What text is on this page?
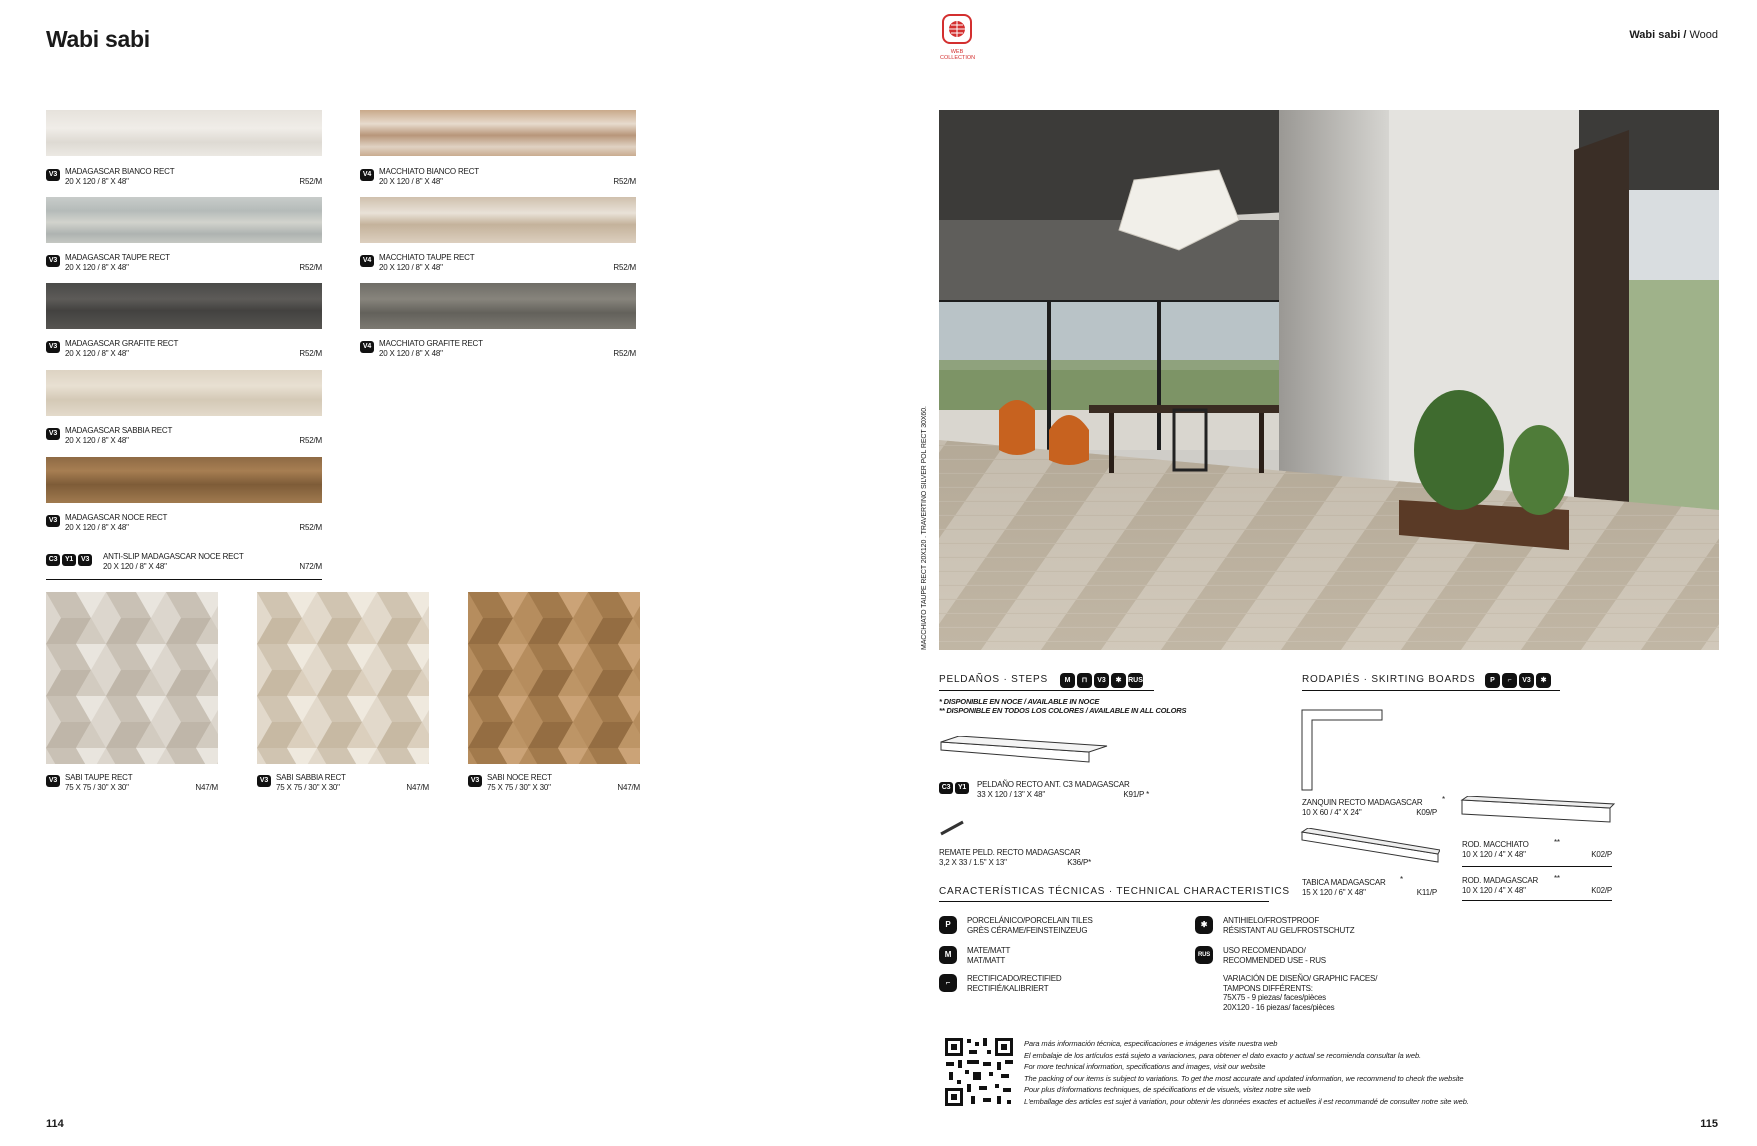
Wabi sabi
114
V3 MADAGASCAR BIANCO RECT
20 X 120 / 8" X 48"	R52/M
V3 MADAGASCAR TAUPE RECT
20 X 120 / 8" X 48"	R52/M
V3 MADAGASCAR GRAFITE RECT
20 X 120 / 8" X 48"	R52/M
V3 MADAGASCAR SABBIA RECT
20 X 120 / 8" X 48"	R52/M
V3 MADAGASCAR NOCE RECT
20 X 120 / 8" X 48"	R52/M
V4 MACCHIATO BIANCO RECT
20 X 120 / 8" X 48"	R52/M
V4 MACCHIATO TAUPE RECT
20 X 120 / 8" X 48"	R52/M
V4 MACCHIATO GRAFITE RECT
20 X 120 / 8" X 48"	R52/M
C3 Y1 V3 ANTI-SLIP MADAGASCAR NOCE RECT
20 X 120 / 8" X 48"	N72/M
V3 SABI TAUPE RECT
75 X 75 / 30" X 30"	N47/M
V3 SABI SABBIA RECT
75 X 75 / 30" X 30"	N47/M
V3 SABI NOCE RECT
75 X 75 / 30" X 30"	N47/M
WEB COLLECTION
Wabi sabi / Wood
MACCHIATO TAUPE RECT 20X120 . TRAVERTINO SILVER POL RECT 30X60.
PELDAÑOS · STEPS	M ⊓ V3 ✱ RUS
* DISPONIBLE EN NOCE / AVAILABLE IN NOCE
** DISPONIBLE EN TODOS LOS COLORES / AVAILABLE IN ALL COLORS
C3 Y1 PELDAÑO RECTO ANT. C3 MADAGASCAR
33 X 120 / 13" X 48"	K91/P *
REMATE PELD. RECTO MADAGASCAR
3,2 X 33 / 1.5" X 13"	K36/P*
RODAPIÉS · SKIRTING BOARDS	P ⌐ V3 ✱
ZANQUIN RECTO MADAGASCAR *

10 X 60 / 4" X 24"	K09/P
TABICA MADAGASCAR *

15 X 120 / 6" X 48"	K11/P
ROD. MACCHIATO	**

10 X 120 / 4" X 48"	K02/P
ROD. MADAGASCAR **

10 X 120 / 4" X 48"	K02/P
CARACTERÍSTICAS TÉCNICAS · TECHNICAL CHARACTERISTICS
P	PORCELÁNICO/PORCELAIN TILES
GRÈS CÉRAME/FEINSTEINZEUG
M	MATE/MATT
MAT/MATT
⌐	RECTIFICADO/RECTIFIED
RECTIFIÉ/KALIBRIERT
✱	ANTIHIELO/FROSTPROOF
RÉSISTANT AU GEL/FROSTSCHUTZ
RUS	USO RECOMENDADO/
RECOMMENDED USE - RUS
VARIACIÓN DE DISEÑO/ GRAPHIC FACES/
TAMPONS DIFFÉRENTS:
75X75 - 9 piezas/ faces/pièces
20X120 - 16 piezas/ faces/pièces
Para más información técnica, especificaciones e imágenes visite nuestra web
El embalaje de los artículos está sujeto a variaciones, para obtener el dato exacto y actual se recomienda consultar la web.
For more technical information, specifications and images, visit our website
The packing of our items is subject to variations. To get the most accurate and updated information, we recommend to check the website
Pour plus d'informations techniques, de spécifications et de visuels, visitez notre site web
L'emballage des articles est sujet à variation, pour obtenir les données exactes et actuelles il est recommandé de consulter notre site web.
115
